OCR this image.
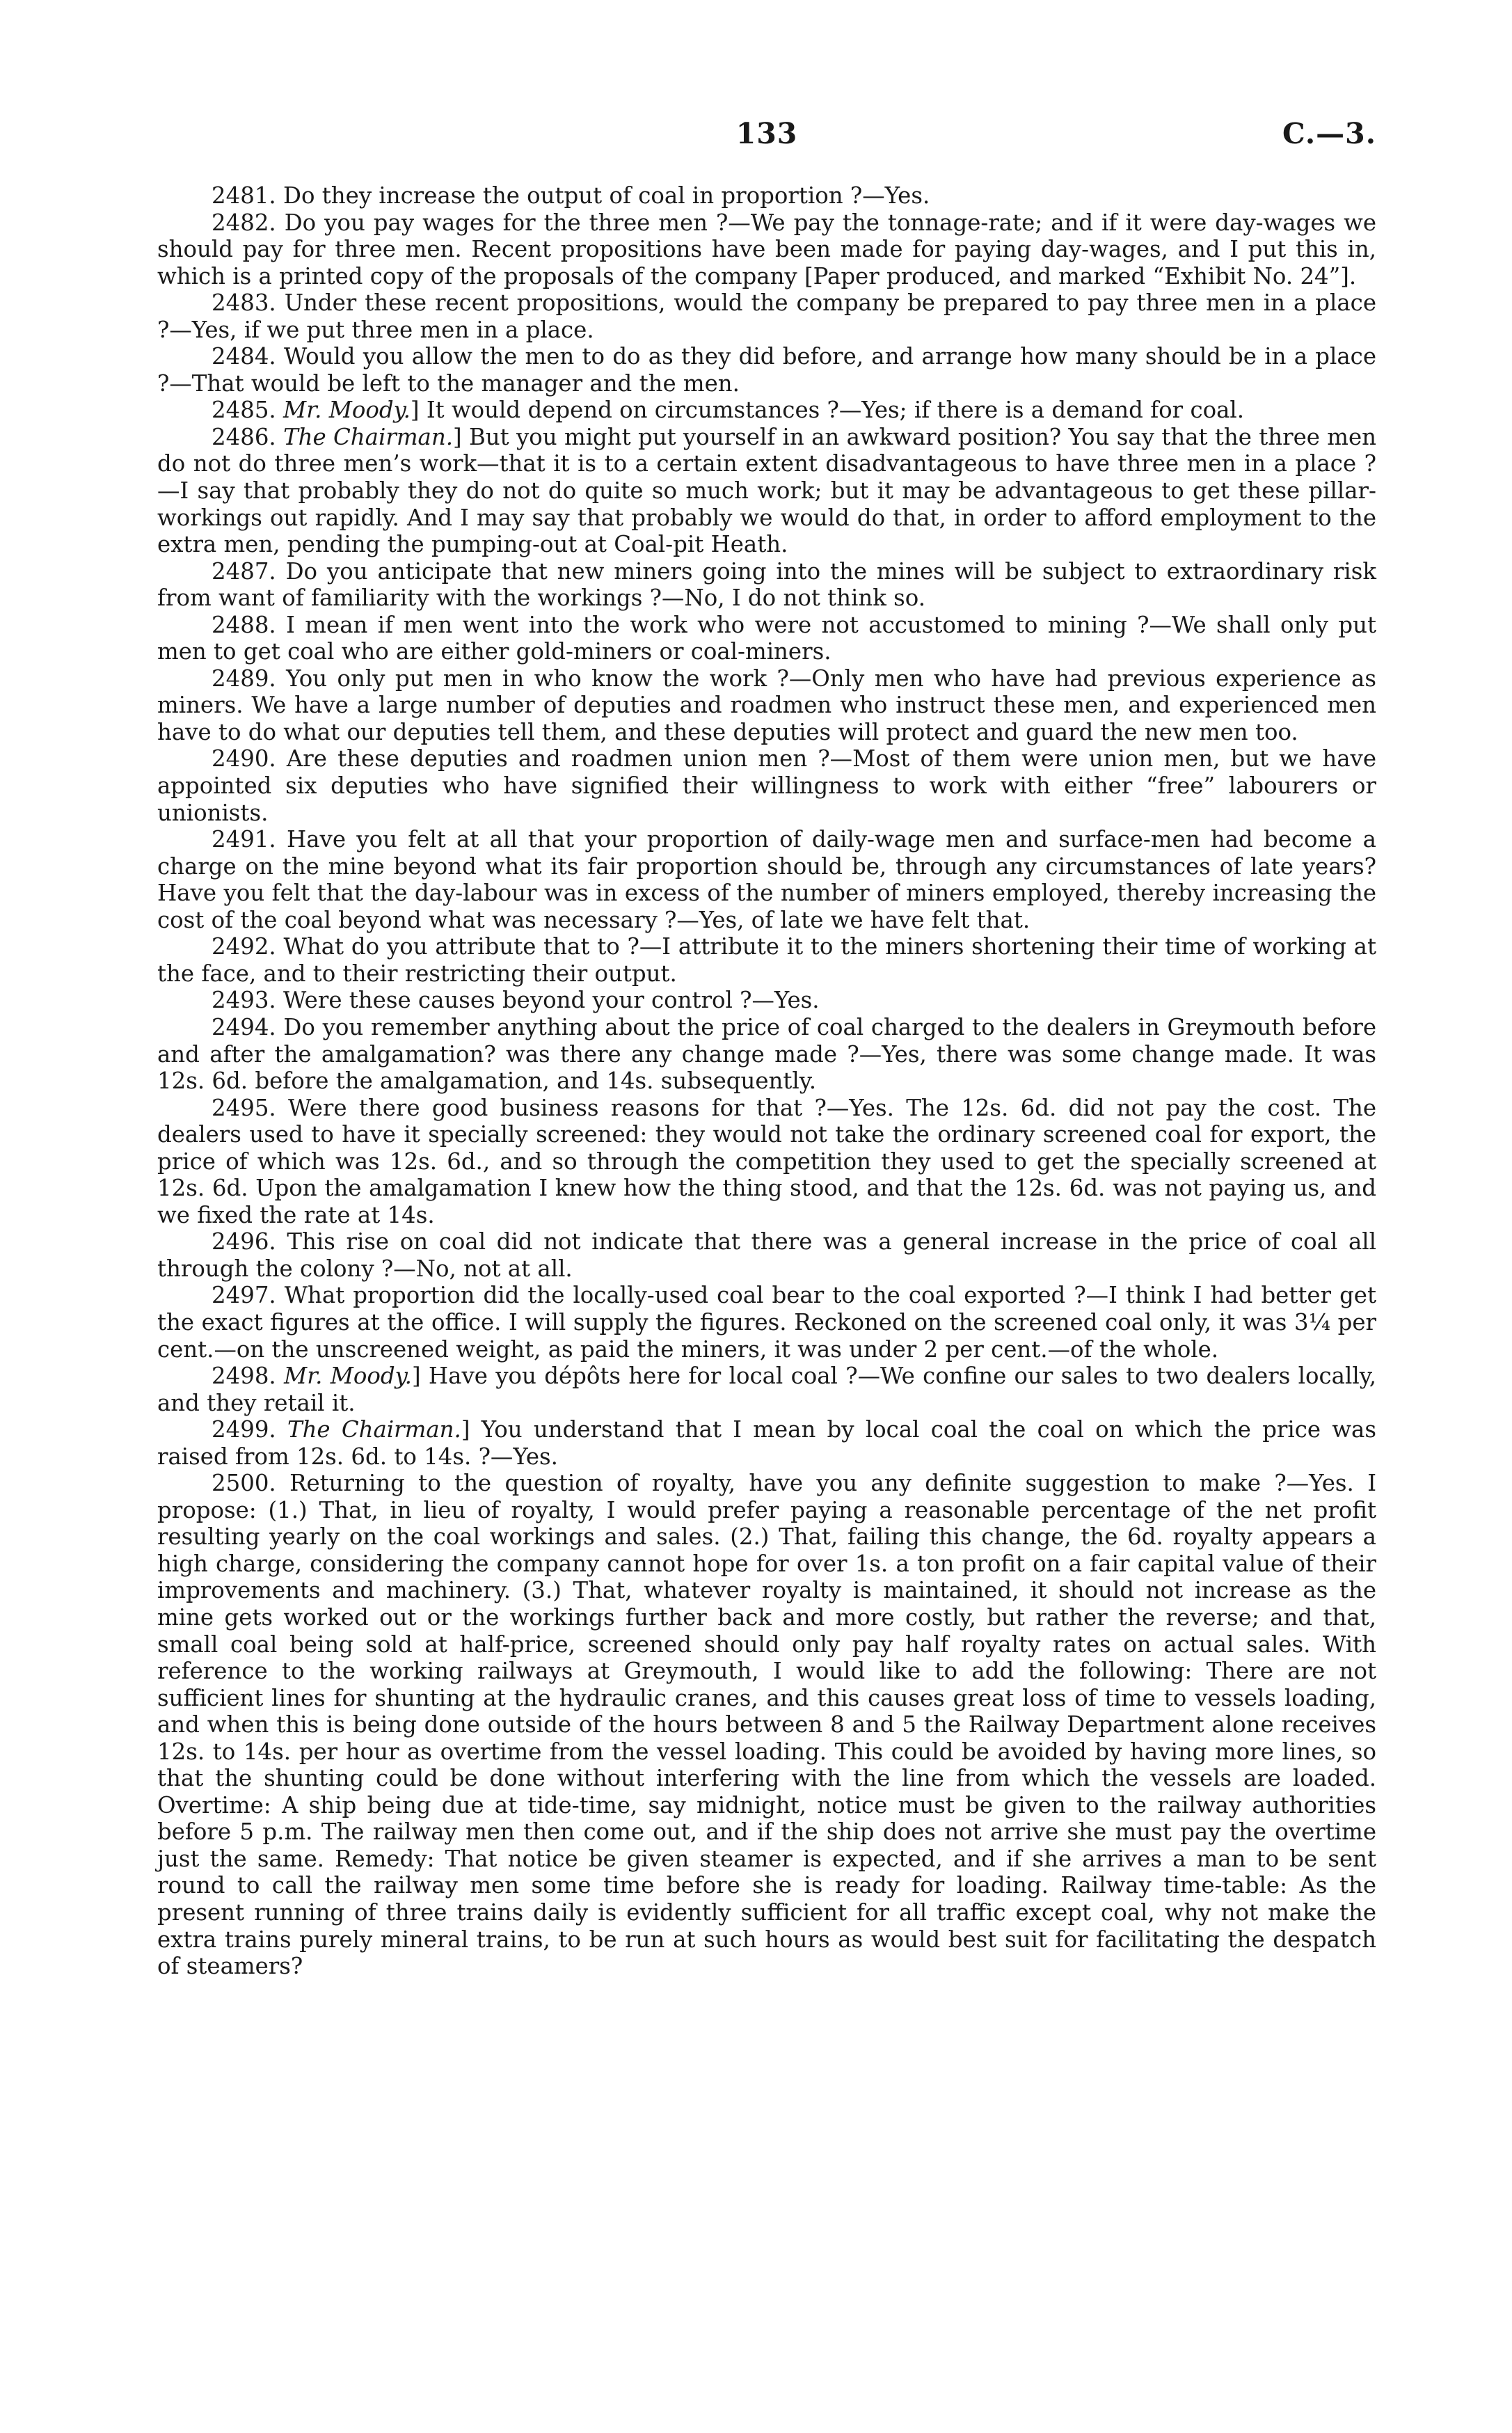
133	C.—3.

2481. Do they increase the output of coal in proportion ?—Yes.

2482. Do you pay wages for the three men ?—We pay the tonnage-rate; and if it were day-wages we should pay for three men. Recent propositions have been made for paying day-wages, and I put this in, which is a printed copy of the proposals of the company [Paper produced, and marked “Exhibit No. 24”].

2483. Under these recent propositions, would the company be prepared to pay three men in a place ?—Yes, if we put three men in a place.

2484. Would you allow the men to do as they did before, and arrange how many should be in a place ?—That would be left to the manager and the men.

2485. Mr. Moody.] It would depend on circumstances ?—Yes; if there is a demand for coal.

2486. The Chairman.] But you might put yourself in an awkward position? You say that the three men do not do three men’s work—that it is to a certain extent disadvantageous to have three men in a place ?—I say that probably they do not do quite so much work; but it may be advantageous to get these pillar-workings out rapidly. And I may say that probably we would do that, in order to afford employment to the extra men, pending the pumping-out at Coal-pit Heath.

2487. Do you anticipate that new miners going into the mines will be subject to extraordinary risk from want of familiarity with the workings ?—No, I do not think so.

2488. I mean if men went into the work who were not accustomed to mining ?—We shall only put men to get coal who are either gold-miners or coal-miners.

2489. You only put men in who know the work ?—Only men who have had previous experience as miners. We have a large number of deputies and roadmen who instruct these men, and experienced men have to do what our deputies tell them, and these deputies will protect and guard the new men too.

2490. Are these deputies and roadmen union men ?—Most of them were union men, but we have appointed six deputies who have signified their willingness to work with either “free” labourers or unionists.

2491. Have you felt at all that your proportion of daily-wage men and surface-men had become a charge on the mine beyond what its fair proportion should be, through any circumstances of late years? Have you felt that the day-labour was in excess of the number of miners employed, thereby increasing the cost of the coal beyond what was necessary ?—Yes, of late we have felt that.

2492. What do you attribute that to ?—I attribute it to the miners shortening their time of working at the face, and to their restricting their output.

2493. Were these causes beyond your control ?—Yes.

2494. Do you remember anything about the price of coal charged to the dealers in Greymouth before and after the amalgamation? was there any change made ?—Yes, there was some change made. It was 12s. 6d. before the amalgamation, and 14s. subsequently.

2495. Were there good business reasons for that ?—Yes. The 12s. 6d. did not pay the cost. The dealers used to have it specially screened: they would not take the ordinary screened coal for export, the price of which was 12s. 6d., and so through the competition they used to get the specially screened at 12s. 6d. Upon the amalgamation I knew how the thing stood, and that the 12s. 6d. was not paying us, and we fixed the rate at 14s.

2496. This rise on coal did not indicate that there was a general increase in the price of coal all through the colony ?—No, not at all.

2497. What proportion did the locally-used coal bear to the coal exported ?—I think I had better get the exact figures at the office. I will supply the figures. Reckoned on the screened coal only, it was 3¼ per cent.—on the unscreened weight, as paid the miners, it was under 2 per cent.—of the whole.

2498. Mr. Moody.] Have you dépôts here for local coal ?—We confine our sales to two dealers locally, and they retail it.

2499. The Chairman.] You understand that I mean by local coal the coal on which the price was raised from 12s. 6d. to 14s. ?—Yes.

2500. Returning to the question of royalty, have you any definite suggestion to make ?—Yes. I propose: (1.) That, in lieu of royalty, I would prefer paying a reasonable percentage of the net profit resulting yearly on the coal workings and sales. (2.) That, failing this change, the 6d. royalty appears a high charge, considering the company cannot hope for over 1s. a ton profit on a fair capital value of their improvements and machinery. (3.) That, whatever royalty is maintained, it should not increase as the mine gets worked out or the workings further back and more costly, but rather the reverse; and that, small coal being sold at half-price, screened should only pay half royalty rates on actual sales. With reference to the working railways at Greymouth, I would like to add the following: There are not sufficient lines for shunting at the hydraulic cranes, and this causes great loss of time to vessels loading, and when this is being done outside of the hours between 8 and 5 the Railway Department alone receives 12s. to 14s. per hour as overtime from the vessel loading. This could be avoided by having more lines, so that the shunting could be done without interfering with the line from which the vessels are loaded. Overtime: A ship being due at tide-time, say midnight, notice must be given to the railway authorities before 5 p.m. The railway men then come out, and if the ship does not arrive she must pay the overtime just the same. Remedy: That notice be given steamer is expected, and if she arrives a man to be sent round to call the railway men some time before she is ready for loading. Railway time-table: As the present running of three trains daily is evidently sufficient for all traffic except coal, why not make the extra trains purely mineral trains, to be run at such hours as would best suit for facilitating the despatch of steamers?
